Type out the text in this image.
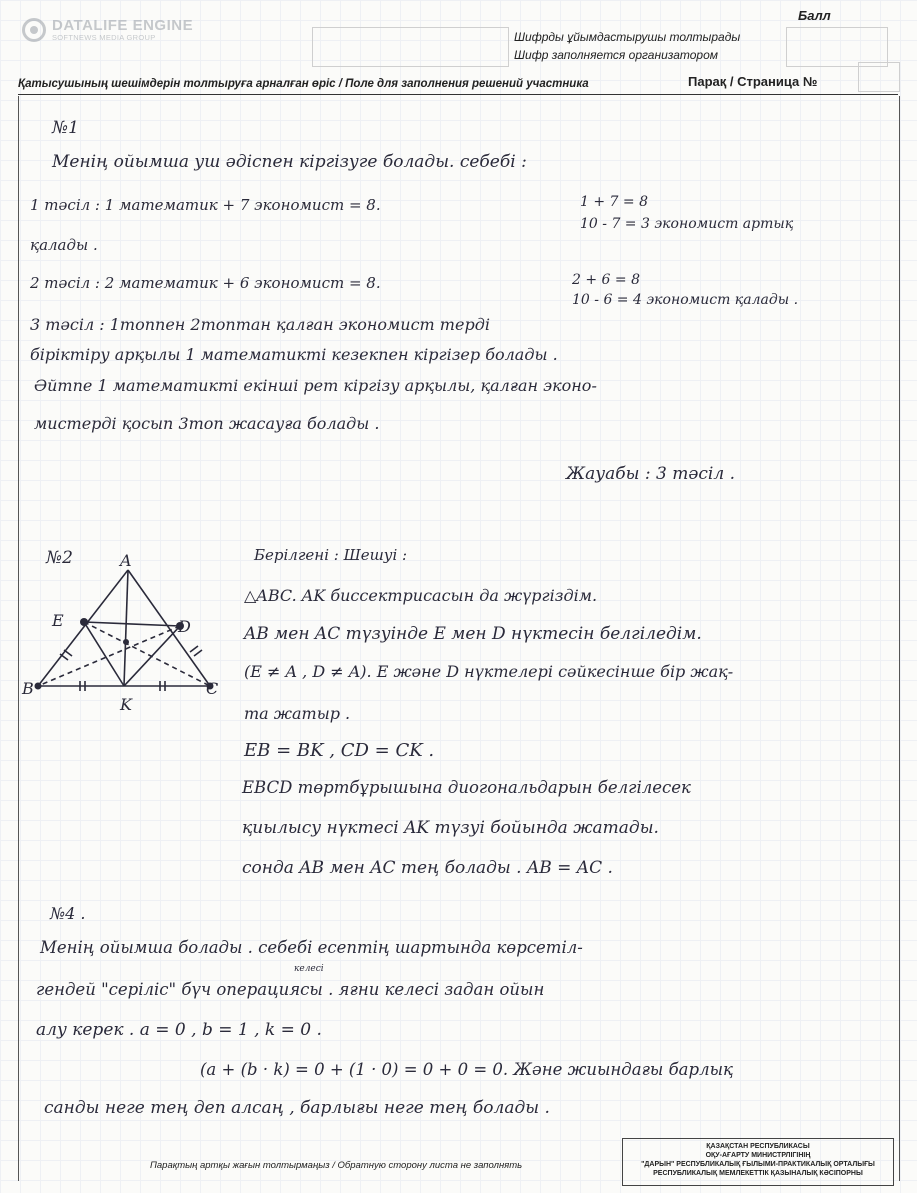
DATALIFE ENGINE
SOFTNEWS MEDIA GROUP
Балл
Шифрды ұйымдастырушы толтырады
Шифр заполняется организатором
Қатысушының шешімдерін толтыруға арналған өріс / Поле для заполнения решений участника	Парақ / Страница №
№1
Менің ойымша уш әдіспен кіргізуге болады. себебі :
1 тәсіл : 1 математик + 7 экономист = 8.
қалады .
1 + 7 = 8
10 - 7 = 3 экономист артық
2 тәсіл : 2 математик + 6 экономист = 8.	2 + 6 = 8
10 - 6 = 4 экономист қалады .
3 тәсіл : 1топпен 2топтан қалған экономист терді
біріктіру арқылы 1 математикті кезекпен кіргізер болады .
Әйтпе 1 математикті екінші рет кіргізу арқылы, қалған эконо-
мистерді қосып 3топ жасауға болады .
Жауабы : 3 тәсіл .
№2	A
E	D
B	C
K
Берілгені : Шешуі :
△ABC. AK биссектрисасын да жүргіздім.
AB мен AC түзуінде E мен D нүктесін белгіледім.
(E ≠ A , D ≠ A). E және D нүктелері сәйкесінше бір жақ-
та жатыр .
EB = BK , CD = CK .
EBCD төртбұрышына диогональдарын белгілесек
қиылысу нүктесі AK түзуі бойында жатады.
сонда AB мен AC тең болады . AB = AC .
№4 .
Менің ойымша болады . себебі есептің шартында көрсетіл-
келесі
гендей "серіліс" бүч операциясы . яғни келесі задан ойын
алу керек . a = 0 , b = 1 , k = 0 .
(a + (b · k) = 0 + (1 · 0) = 0 + 0 = 0. Және жиындағы барлық
санды неге тең деп алсаң , барлығы неге тең болады .
Парақтың артқы жағын толтырмаңыз / Обратную сторону листа не заполнять
ҚАЗАҚСТАН РЕСПУБЛИКАСЫ
ОҚУ-АҒАРТУ МИНИСТРЛІГІНІҢ
"ДАРЫН" РЕСПУБЛИКАЛЫҚ ҒЫЛЫМИ-ПРАКТИКАЛЫҚ ОРТАЛЫҒЫ
РЕСПУБЛИКАЛЫҚ МЕМЛЕКЕТТІК ҚАЗЫНАЛЫҚ КӘСІПОРНЫ
